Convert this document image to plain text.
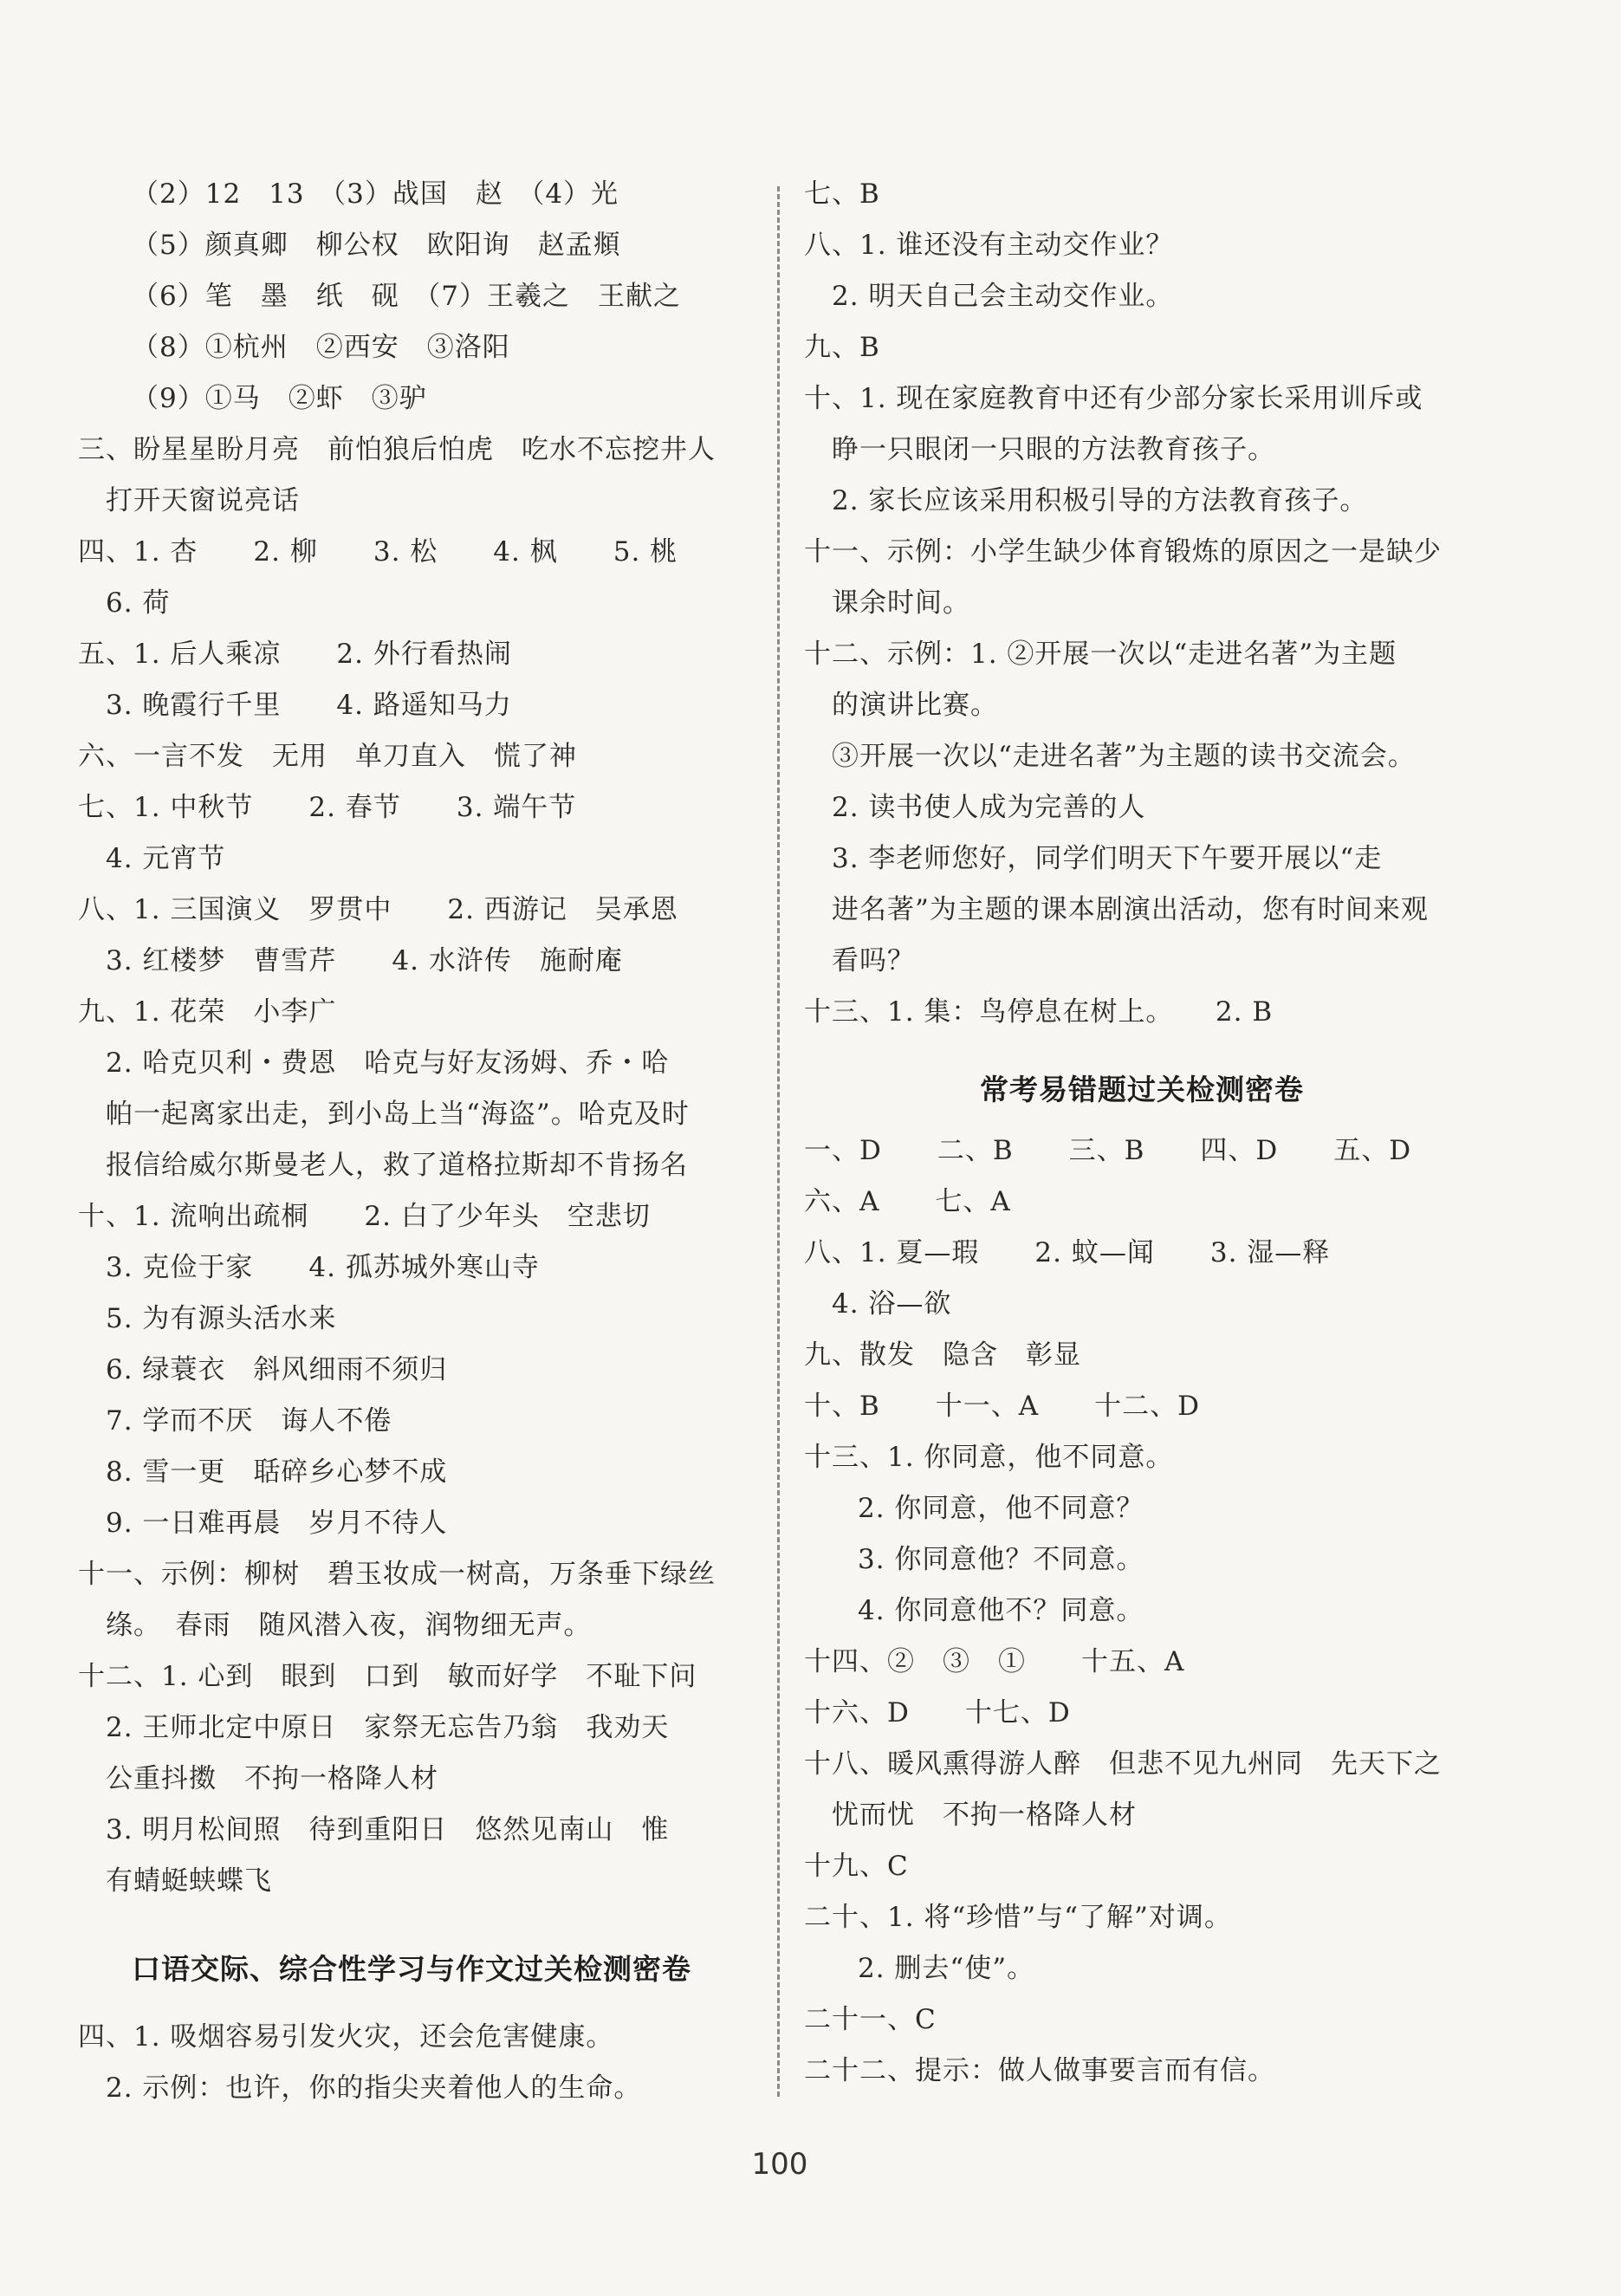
（2）12　13　（3）战国　赵　（4）光
（5）颜真卿　柳公权　欧阳询　赵孟頫
（6）笔　墨　纸　砚　（7）王羲之　王献之
（8）①杭州　②西安　③洛阳
（9）①马　②虾　③驴
三、盼星星盼月亮　前怕狼后怕虎　吃水不忘挖井人
打开天窗说亮话
四、1. 杏　　2. 柳　　3. 松　　4. 枫　　5. 桃
6. 荷
五、1. 后人乘凉　　2. 外行看热闹
3. 晚霞行千里　　4. 路遥知马力
六、一言不发　无用　单刀直入　慌了神
七、1. 中秋节　　2. 春节　　3. 端午节
4. 元宵节
八、1. 三国演义　罗贯中　　2. 西游记　吴承恩
3. 红楼梦　曹雪芹　　4. 水浒传　施耐庵
九、1. 花荣　小李广
2. 哈克贝利・费恩　哈克与好友汤姆、乔・哈
帕一起离家出走，到小岛上当“海盗”。哈克及时
报信给威尔斯曼老人，救了道格拉斯却不肯扬名
十、1. 流响出疏桐　　2. 白了少年头　空悲切
3. 克俭于家　　4. 孤苏城外寒山寺
5. 为有源头活水来
6. 绿蓑衣　斜风细雨不须归
7. 学而不厌　诲人不倦
8. 雪一更　聒碎乡心梦不成
9. 一日难再晨　岁月不待人
十一、示例：柳树　碧玉妆成一树高，万条垂下绿丝
绦。　春雨　随风潜入夜，润物细无声。
十二、1. 心到　眼到　口到　敏而好学　不耻下问
2. 王师北定中原日　家祭无忘告乃翁　我劝天
公重抖擞　不拘一格降人材
3. 明月松间照　待到重阳日　悠然见南山　惟
有蜻蜓蛱蝶飞
口语交际、综合性学习与作文过关检测密卷
四、1. 吸烟容易引发火灾，还会危害健康。
2. 示例：也许，你的指尖夹着他人的生命。
七、B
八、1. 谁还没有主动交作业？
2. 明天自己会主动交作业。
九、B
十、1. 现在家庭教育中还有少部分家长采用训斥或
睁一只眼闭一只眼的方法教育孩子。
2. 家长应该采用积极引导的方法教育孩子。
十一、示例：小学生缺少体育锻炼的原因之一是缺少
课余时间。
十二、示例：1. ②开展一次以“走进名著”为主题
的演讲比赛。
③开展一次以“走进名著”为主题的读书交流会。
2. 读书使人成为完善的人
3. 李老师您好，同学们明天下午要开展以“走
进名著”为主题的课本剧演出活动，您有时间来观
看吗？
十三、1. 集：鸟停息在树上。　　2. B
常考易错题过关检测密卷
一、D　　二、B　　三、B　　四、D　　五、D
六、A　　七、A
八、1. 夏—瑕　　2. 蚊—闻　　3. 湿—释
4. 浴—欲
九、散发　隐含　彰显
十、B　　十一、A　　十二、D
十三、1. 你同意，他不同意。
2. 你同意，他不同意？
3. 你同意他？不同意。
4. 你同意他不？同意。
十四、②　③　①　　十五、A
十六、D　　十七、D
十八、暖风熏得游人醉　但悲不见九州同　先天下之
忧而忧　不拘一格降人材
十九、C
二十、1. 将“珍惜”与“了解”对调。
2. 删去“使”。
二十一、C
二十二、提示：做人做事要言而有信。
100
